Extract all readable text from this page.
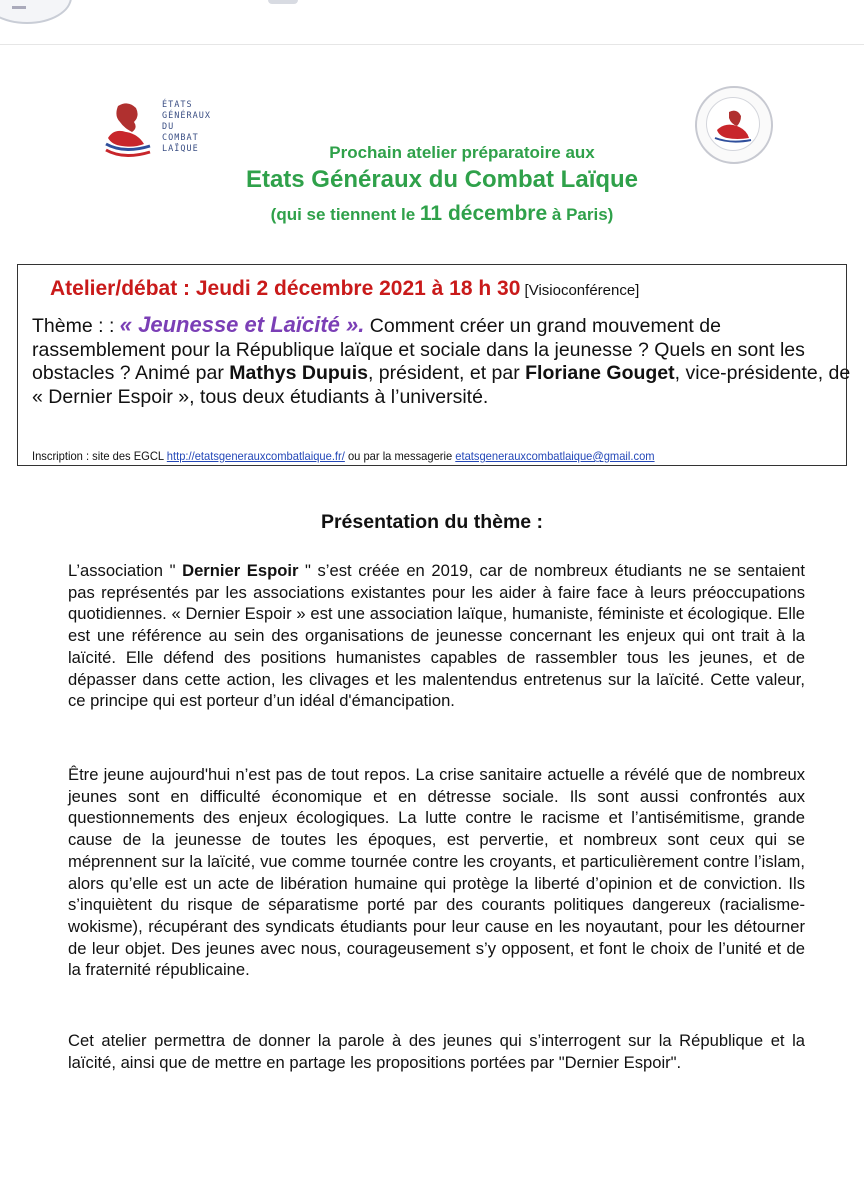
ÉTATS
GÉNÉRAUX
DU
COMBAT
LAÏQUE	Prochain atelier préparatoire aux
Etats Généraux du Combat Laïque
(qui se tiennent le 11 décembre à Paris)
Atelier/débat : Jeudi 2 décembre 2021 à 18 h 30 [Visioconférence]
Thème : : « Jeunesse et Laïcité ». Comment créer un grand mouvement de rassemblement pour la République laïque et sociale dans la jeunesse ? Quels en sont les obstacles ? Animé par Mathys Dupuis, président, et par Floriane Gouget, vice-présidente, de « Dernier Espoir », tous deux étudiants à l’université.
Inscription : site des EGCL http://etatsgenerauxcombatlaique.fr/ ou par la messagerie etatsgenerauxcombatlaique@gmail.com
Présentation du thème :
L’association " Dernier Espoir " s’est créée en 2019, car de nombreux étudiants ne se sentaient pas représentés par les associations existantes pour les aider à faire face à leurs préoccupations quotidiennes. « Dernier Espoir » est une association laïque, humaniste, féministe et écologique. Elle est une référence au sein des organisations de jeunesse concernant les enjeux qui ont trait à la laïcité. Elle défend des positions humanistes capables de rassembler tous les jeunes, et de dépasser dans cette action, les clivages et les malentendus entretenus sur la laïcité. Cette valeur, ce principe qui est porteur d’un idéal d'émancipation.
Être jeune aujourd'hui n’est pas de tout repos. La crise sanitaire actuelle a révélé que de nombreux jeunes sont en difficulté économique et en détresse sociale. Ils sont aussi confrontés aux questionnements des enjeux écologiques. La lutte contre le racisme et l’antisémitisme, grande cause de la jeunesse de toutes les époques, est pervertie, et nombreux sont ceux qui se méprennent sur la laïcité, vue comme tournée contre les croyants, et particulièrement contre l’islam, alors qu’elle est un acte de libération humaine qui protège la liberté d’opinion et de conviction. Ils s’inquiètent du risque de séparatisme porté par des courants politiques dangereux (racialisme-wokisme), récupérant des syndicats étudiants pour leur cause en les noyautant, pour les détourner de leur objet. Des jeunes avec nous, courageusement s’y opposent, et font le choix de l’unité et de la fraternité républicaine.
Cet atelier permettra de donner la parole à des jeunes qui s’interrogent sur la République et la laïcité, ainsi que de mettre en partage les propositions portées par "Dernier Espoir".
